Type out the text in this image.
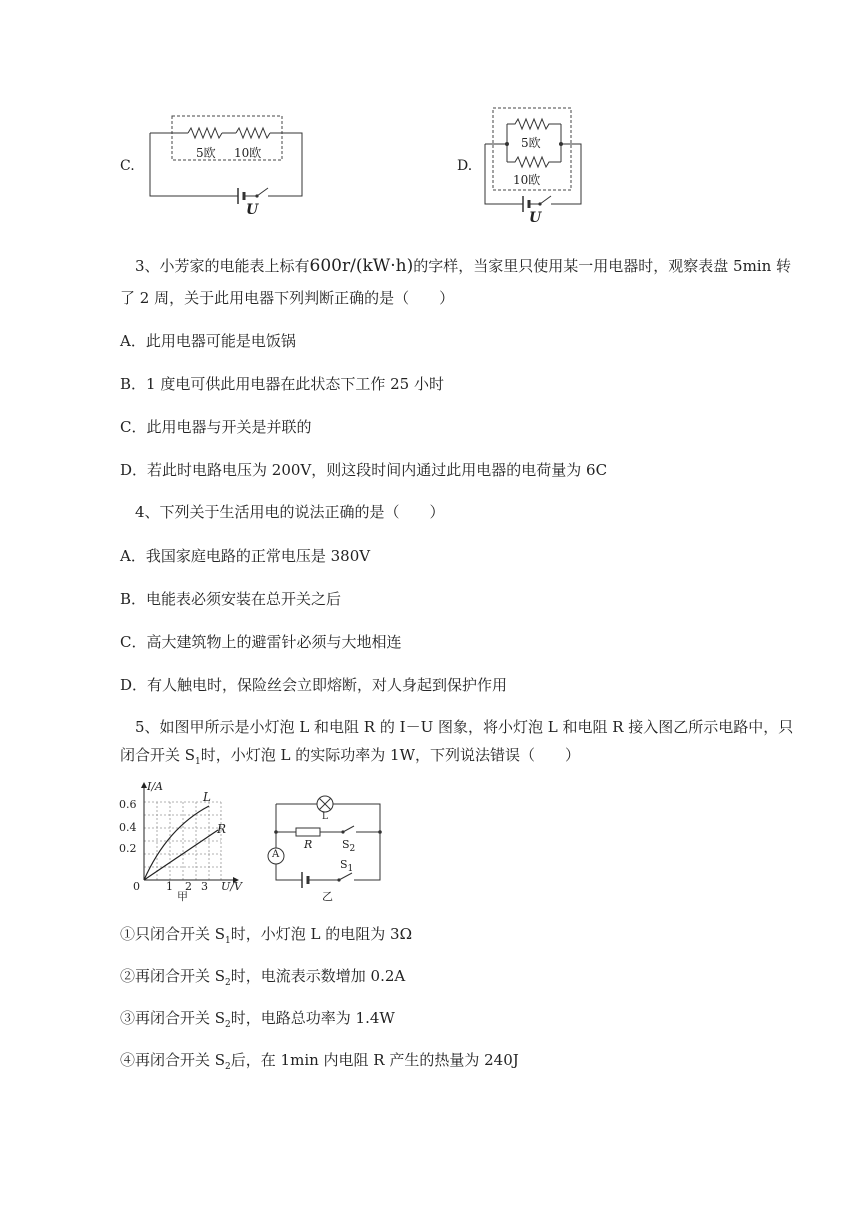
C.
5欧 10欧
U
D.
5欧
10欧
U
3、小芳家的电能表上标有600r/(kW·h)的字样，当家里只使用某一用电器时，观察表盘 5min 转
了 2 周，关于此用电器下列判断正确的是（　　）
A．此用电器可能是电饭锅
B．1 度电可供此用电器在此状态下工作 25 小时
C．此用电器与开关是并联的
D．若此时电路电压为 200V，则这段时间内通过此用电器的电荷量为 6C
4、下列关于生活用电的说法正确的是（　　）
A．我国家庭电路的正常电压是 380V
B．电能表必须安装在总开关之后
C．高大建筑物上的避雷针必须与大地相连
D．有人触电时，保险丝会立即熔断，对人身起到保护作用
5、如图甲所示是小灯泡 L 和电阻 R 的 I－U 图象，将小灯泡 L 和电阻 R 接入图乙所示电路中，只
闭合开关 $S_1$时，小灯泡 L 的实际功率为 1W，下列说法错误（　　）
I/A
0.6
0.4
0.2
0 1 2 3 U/V
L
R
甲
L
R
A
$S_2$
$S_1$
乙
①只闭合开关 $S_1$时，小灯泡 L 的电阻为 3Ω
②再闭合开关 $S_2$时，电流表示数增加 0.2A
③再闭合开关 $S_2$时，电路总功率为 1.4W
④再闭合开关 $S_2$后，在 1min 内电阻 R 产生的热量为 240J
